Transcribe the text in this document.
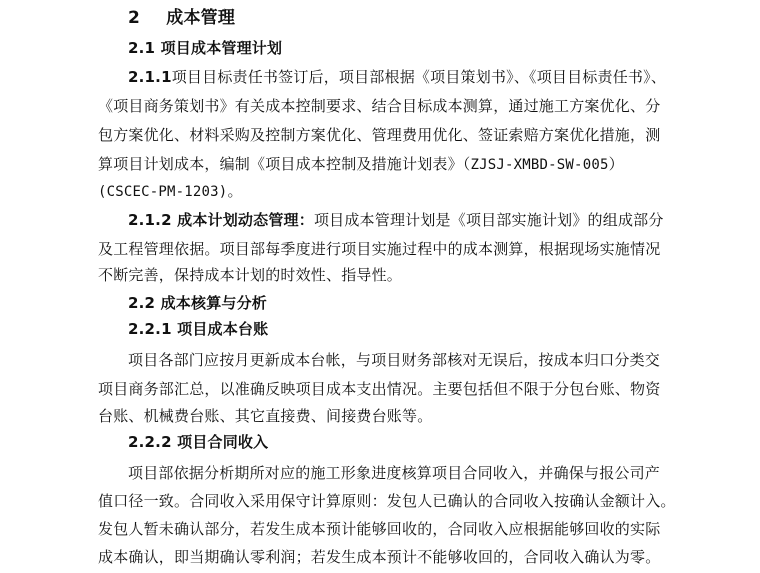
2 成本管理
2.1 项目成本管理计划
2.1.1项目目标责任书签订后，项目部根据《项目策划书》、《项目目标责任书》、
《项目商务策划书》有关成本控制要求、结合目标成本测算，通过施工方案优化、分
包方案优化、材料采购及控制方案优化、管理费用优化、签证索赔方案优化措施，测
算项目计划成本，编制《项目成本控制及措施计划表》（ZJSJ-XMBD-SW-005）
(CSCEC-PM-1203)。
2.1.2 成本计划动态管理：项目成本管理计划是《项目部实施计划》的组成部分
及工程管理依据。项目部每季度进行项目实施过程中的成本测算，根据现场实施情况
不断完善，保持成本计划的时效性、指导性。
2.2 成本核算与分析
2.2.1 项目成本台账
项目各部门应按月更新成本台帐，与项目财务部核对无误后，按成本归口分类交
项目商务部汇总，以准确反映项目成本支出情况。主要包括但不限于分包台账、物资
台账、机械费台账、其它直接费、间接费台账等。
2.2.2 项目合同收入
项目部依据分析期所对应的施工形象进度核算项目合同收入，并确保与报公司产
值口径一致。合同收入采用保守计算原则：发包人已确认的合同收入按确认金额计入。
发包人暂未确认部分，若发生成本预计能够回收的，合同收入应根据能够回收的实际
成本确认，即当期确认零利润；若发生成本预计不能够收回的，合同收入确认为零。
